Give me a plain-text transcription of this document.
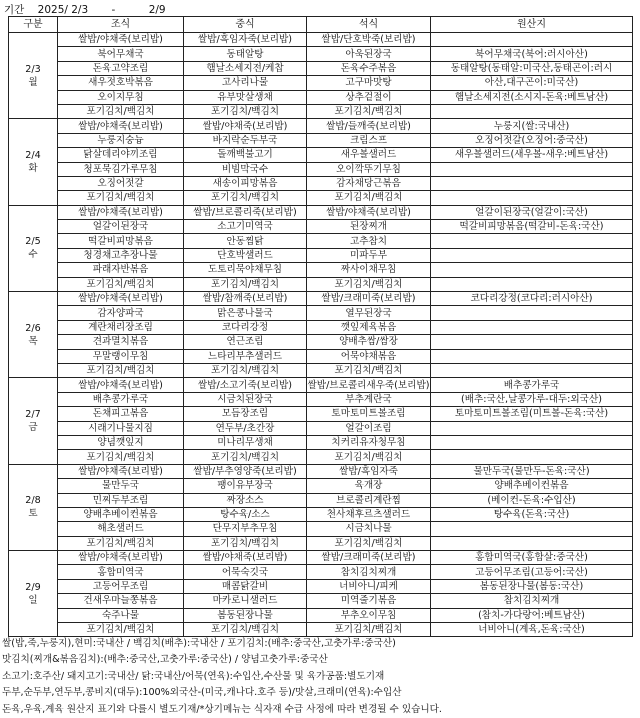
기간 2025/ 2/3 -	2/9
구분	조식	중식	석식	원산지

2/3
월	쌀밥/야채죽(보리밥)	쌀밥/흑임자죽(보리밥)	쌀밥/단호박죽(보리밥)	
	북어무채국	동태알탕	아욱된장국	북어무채국(북어:러시아산)
	돈육고약조림	햄날소세지전/케찹	돈육수주볶음	동태알탕(동태알:미국산,동태곤이:러시
	새우젓호박볶음	고사리나물	고구마맛탕	아산,대구곤이:미국산)
	오이지무침	유부맛살생채	상추겉절이	햄날소세지전(소시지-돈육:베트남산)
	포기김치/백김치	포기김치/백김치	포기김치/백김치	

2/4
화	쌀밥/야채죽(보리밥)	쌀밥/야채죽(보리밥)	쌀밥/들깨죽(보리밥)	누룽지(쌀:국내산)
	누룽지숭늉	바지락순두부국	크림스프	오징어젓갈(오징어:중국산)
	닭살데리야끼조림	돌깨백불고기	새우볼샐러드	새우볼샐러드(새우볼-새우:베트남산)
	청포묵김가루무침	비빔막국수	오이깍뚜기무침	
	오징어젓갈	새송이피망볶음	감자채당근볶음	
	포기김치/백김치	포기김치/백김치	포기김치/백김치	

2/5
수	쌀밥/야채죽(보리밥)	쌀밥/브로콜리죽(보리밥)	쌀밥/야채죽(보리밥)	얼갈이된장국(얼갈이:국산)
	얼갈이된장국	소고기미역국	된장찌개	떡갈비피망볶음(떡갈비-돈육:국산)
	떡갈비피망볶음	안동찜닭	고추참치	
	청경채고추장나물	단호박샐러드	미파두부	
	파래자반볶음	도토리묵야채무침	짜사이채무침	
	포기김치/백김치	포기김치/백김치	포기김치/백김치	

2/6
목	쌀밥/야채죽(보리밥)	쌀밥/참깨죽(보리밥)	쌀밥/크래미죽(보리밥)	코다리강정(코다리:러시아산)
	감자양파국	맑은콩나물국	열무된장국	
	계란채리장조림	코다리강정	깻잎제육볶음	
	견과멸치볶음	연근조림	양배추쌈/쌈장	
	무말랭이무침	느타리부추샐러드	어묵야채볶음	
	포기김치/백김치	포기김치/백김치	포기김치/백김치	

2/7
금	쌀밥/야채죽(보리밥)	쌀밥/소고기죽(보리밥)	쌀밥/브로콜리새우죽(보리밥)	배추콩가루국
	배추콩가루국	시금치된장국	부추계란국	(배추:국산,날콩가루-대두:외국산)
	돈채피고볶음	모듬장조림	토마토미트볼조림	토마토미트볼조림(미트볼-돈육:국산)
	시래기나물지짐	연두부/초간장	얼갈이조림	
	양념깻잎지	미나리무생채	치커리유자청무침	
	포기김치/백김치	포기김치/백김치	포기김치/백김치	

2/8
토	쌀밥/야채죽(보리밥)	쌀밥/부추영양죽(보리밥)	쌀밥/흑임자죽	물만두국(물만두-돈육:국산)
	물만두국	팽이유부장국	육개장	양배추베이컨볶음
	민찌두부조림	짜장소스	브로콜리계란찜	(베이컨-돈육:수입산)
	양배추베이컨볶음	탕수육/소스	천사채후르츠샐러드	탕수육(돈육:국산)
	해초샐러드	단무지부추무침	시금치나물	
	포기김치/백김치	포기김치/백김치	포기김치/백김치	

2/9
일	쌀밥/야채죽(보리밥)	쌀밥/야채죽(보리밥)	쌀밥/크래미죽(보리밥)	홍합미역국(홍합살:중국산)
	홍합미역국	어묵숙깃국	참치김치찌개	고등어무조림(고등어:국산)
	고등어무조림	매콤닭갈비	너비아니/피케	봄동된장나물(봄동:국산)
	건새우마늘쫑볶음	마카로니샐러드	미역줄기볶음	참치김치찌개
	숙주나물	봄동된장나물	부추오이무침	(참치-가다랑어:베트남산)
	포기김치/백김치	포기김치/백김치	포기김치/백김치	너비아니(계육,돈육:국산)
쌀(밥,죽,누룽지),현미:국내산 / 백김치(배추):국내산 / 포기김치:(배추:중국산,고춧가루:중국산)
맛김치(찌개&볶음김치):(배추:중국산,고춧가루:중국산) / 양념고춧가루:중국산
소고기:호주산/ 돼지고기:국내산/ 닭:국내산/어묵(연육):수입산,수산물 및 육가공품:별도기재
두부,순두부,연두부,콩비지(대두):100%외국산-(미국,캐나다.호주 등)/맛살,크래미(연육):수입산
돈육,우육,계육 원산지 표기와 다를시 별도기재/*상기메뉴는 식자재 수급 사정에 따라 변경될 수 있습니다.
